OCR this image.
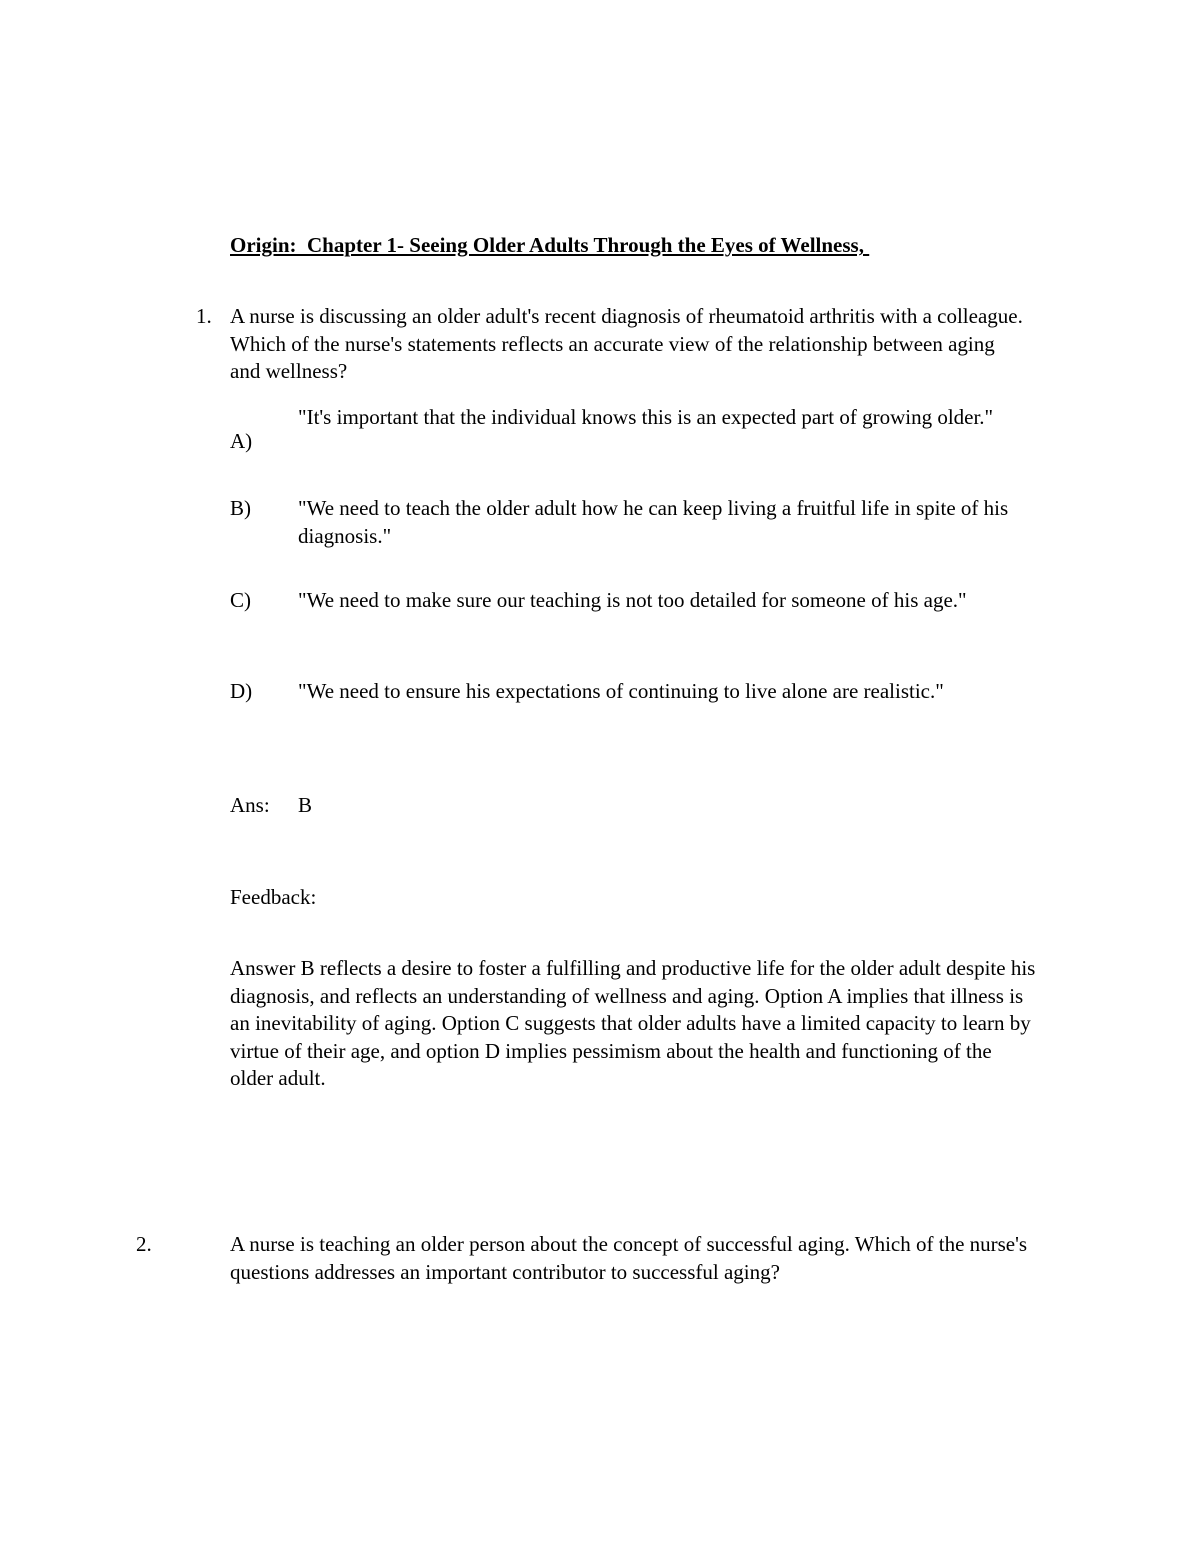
Origin:  Chapter 1- Seeing Older Adults Through the Eyes of Wellness,
1. A nurse is discussing an older adult's recent diagnosis of rheumatoid arthritis with a colleague. Which of the nurse's statements reflects an accurate view of the relationship between aging and wellness?
A)
"It's important that the individual knows this is an expected part of growing older."
B) "We need to teach the older adult how he can keep living a fruitful life in spite of his diagnosis."
C) "We need to make sure our teaching is not too detailed for someone of his age."
D) "We need to ensure his expectations of continuing to live alone are realistic."
Ans: B
Feedback:
Answer B reflects a desire to foster a fulfilling and productive life for the older adult despite his diagnosis, and reflects an understanding of wellness and aging. Option A implies that illness is an inevitability of aging. Option C suggests that older adults have a limited capacity to learn by virtue of their age, and option D implies pessimism about the health and functioning of the older adult.
2.	A nurse is teaching an older person about the concept of successful aging. Which of the nurse's questions addresses an important contributor to successful aging?
